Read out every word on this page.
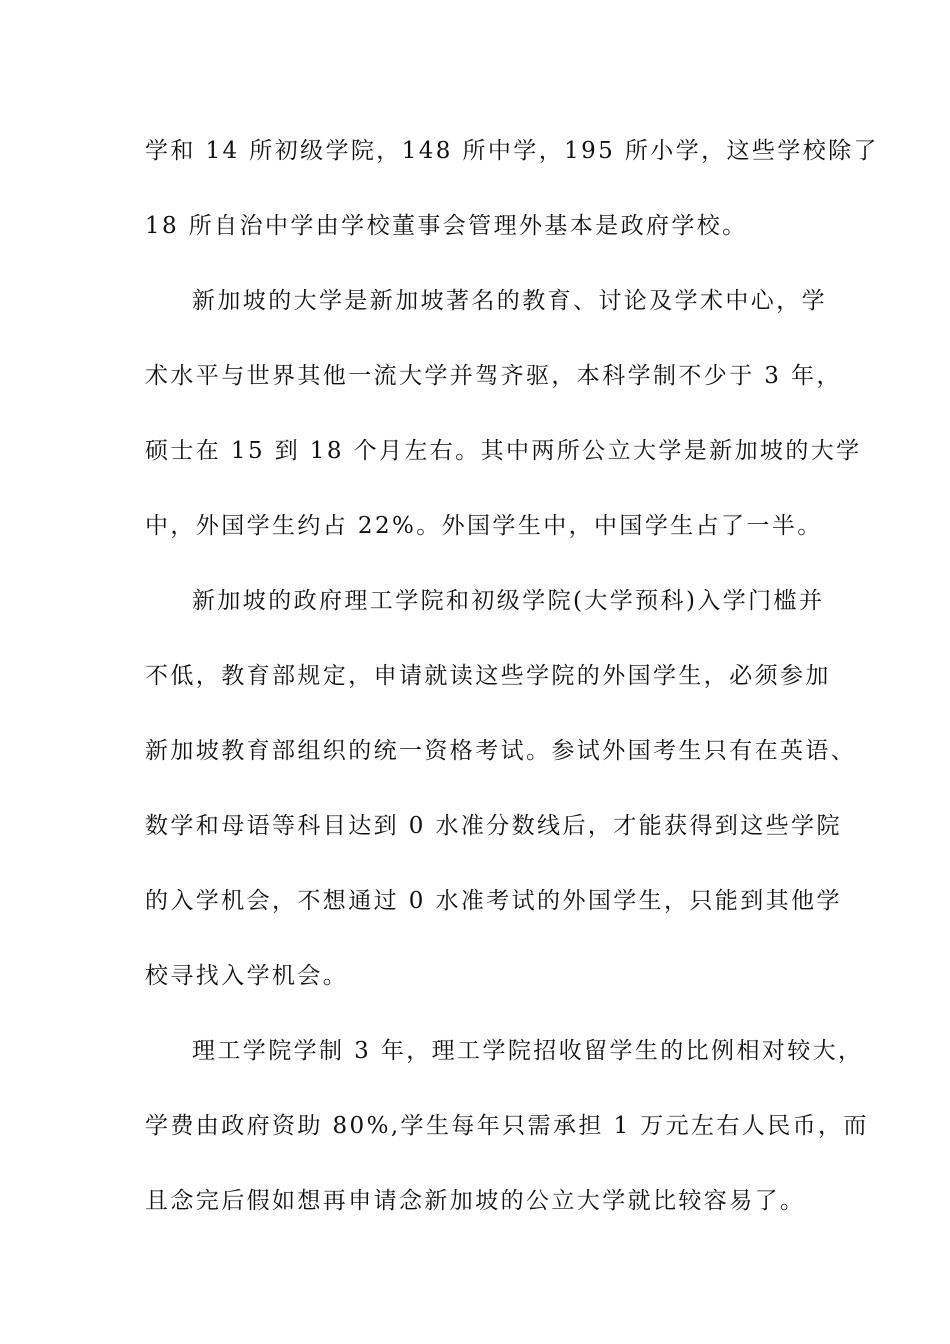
学和 14 所初级学院，148 所中学，195 所小学，这些学校除了
18 所自治中学由学校董事会管理外基本是政府学校。
新加坡的大学是新加坡著名的教育、讨论及学术中心，学
术水平与世界其他一流大学并驾齐驱，本科学制不少于 3 年，
硕士在 15 到 18 个月左右。其中两所公立大学是新加坡的大学
中，外国学生约占 22%。外国学生中，中国学生占了一半。
新加坡的政府理工学院和初级学院(大学预科)入学门槛并
不低，教育部规定，申请就读这些学院的外国学生，必须参加
新加坡教育部组织的统一资格考试。参试外国考生只有在英语、
数学和母语等科目达到 0 水准分数线后，才能获得到这些学院
的入学机会，不想通过 0 水准考试的外国学生，只能到其他学
校寻找入学机会。
理工学院学制 3 年，理工学院招收留学生的比例相对较大，
学费由政府资助 80%,学生每年只需承担 1 万元左右人民币，而
且念完后假如想再申请念新加坡的公立大学就比较容易了。
